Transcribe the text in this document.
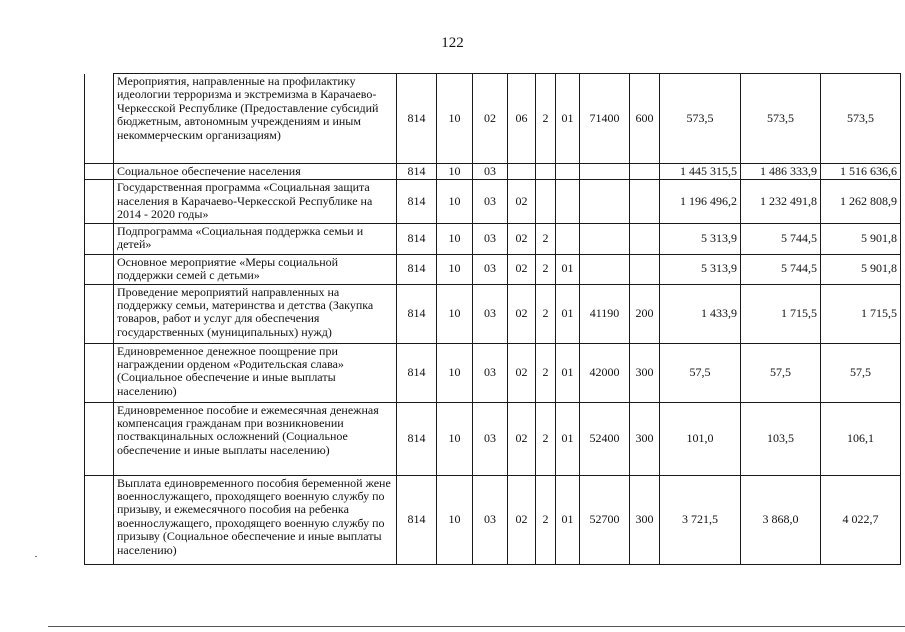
122
	Мероприятия, направленные на профилактику идеологии терроризма и экстремизма в Карачаево-Черкесской Республике (Предоставление субсидий бюджетным, автономным учреждениям и иным некоммерческим организациям)	814	10	02	06	2	01	71400	600	573,5	573,5	573,5
	Социальное обеспечение населения	814	10	03						1 445 315,5	1 486 333,9	1 516 636,6
	Государственная программа «Социальная защита населения в Карачаево-Черкесской Республике на 2014 - 2020 годы»	814	10	03	02					1 196 496,2	1 232 491,8	1 262 808,9
	Подпрограмма «Социальная поддержка семьи и детей»	814	10	03	02	2				5 313,9	5 744,5	5 901,8
	Основное мероприятие «Меры социальной поддержки семей с детьми»	814	10	03	02	2	01			5 313,9	5 744,5	5 901,8
	Проведение мероприятий направленных на поддержку семьи, материнства и детства (Закупка товаров, работ и услуг для обеспечения государственных (муниципальных) нужд)	814	10	03	02	2	01	41190	200	1 433,9	1 715,5	1 715,5
	Единовременное денежное поощрение при награждении орденом «Родительская слава» (Социальное обеспечение и иные выплаты населению)	814	10	03	02	2	01	42000	300	57,5	57,5	57,5
	Единовременное пособие и ежемесячная денежная компенсация гражданам при возникновении поствакцинальных осложнений (Социальное обеспечение и иные выплаты населению)	814	10	03	02	2	01	52400	300	101,0	103,5	106,1
	Выплата единовременного пособия беременной жене военнослужащего, проходящего военную службу по призыву, и ежемесячного пособия на ребенка военнослужащего, проходящего военную службу по призыву (Социальное обеспечение и иные выплаты населению)	814	10	03	02	2	01	52700	300	3 721,5	3 868,0	4 022,7
